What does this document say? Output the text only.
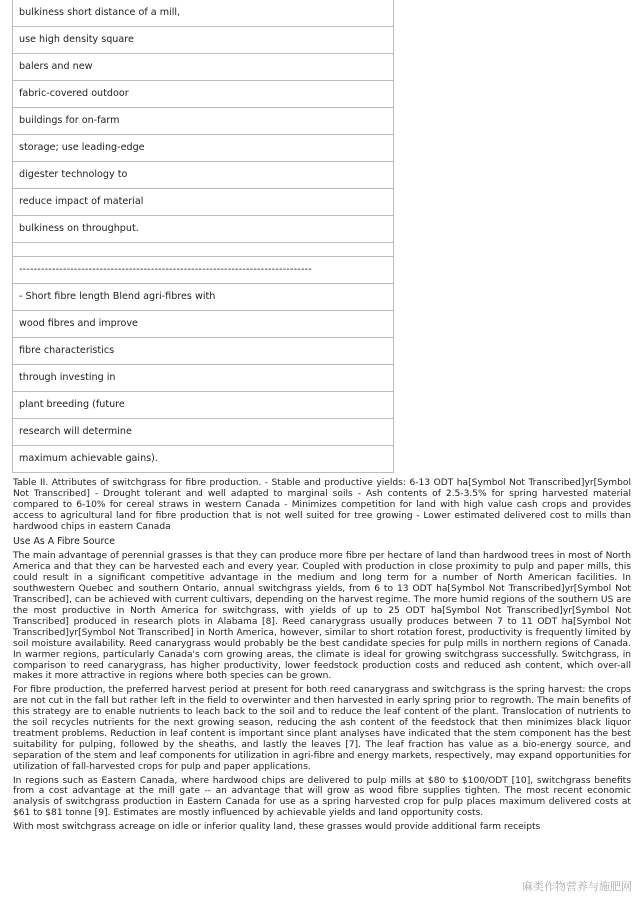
bulkiness short distance of a mill,
use high density square
balers and new
fabric-covered outdoor
buildings for on-farm
storage; use leading-edge
digester technology to
reduce impact of material
bulkiness on throughput.
--------------------------------------------------------------------------------
- Short fibre length Blend agri-fibres with
wood fibres and improve
fibre characteristics
through investing in
plant breeding (future
research will determine
maximum achievable gains).

Table II. Attributes of switchgrass for fibre production. - Stable and productive yields: 6-13 ODT ha[Symbol Not Transcribed]yr[Symbol Not Transcribed] - Drought tolerant and well adapted to marginal soils - Ash contents of 2.5-3.5% for spring harvested material compared to 6-10% for cereal straws in western Canada - Minimizes competition for land with high value cash crops and provides access to agricultural land for fibre production that is not well suited for tree growing - Lower estimated delivered cost to mills than hardwood chips in eastern Canada

Use As A Fibre Source

The main advantage of perennial grasses is that they can produce more fibre per hectare of land than hardwood trees in most of North America and that they can be harvested each and every year. Coupled with production in close proximity to pulp and paper mills, this could result in a significant competitive advantage in the medium and long term for a number of North American facilities. In southwestern Quebec and southern Ontario, annual switchgrass yields, from 6 to 13 ODT ha[Symbol Not Transcribed]yr[Symbol Not Transcribed], can be achieved with current cultivars, depending on the harvest regime. The more humid regions of the southern US are the most productive in North America for switchgrass, with yields of up to 25 ODT ha[Symbol Not Transcribed]yr[Symbol Not Transcribed] produced in research plots in Alabama [8]. Reed canarygrass usually produces between 7 to 11 ODT ha[Symbol Not Transcribed]yr[Symbol Not Transcribed] in North America, however, similar to short rotation forest, productivity is frequently limited by soil moisture availability. Reed canarygrass would probably be the best candidate species for pulp mills in northern regions of Canada. In warmer regions, particularly Canada's corn growing areas, the climate is ideal for growing switchgrass successfully. Switchgrass, in comparison to reed canarygrass, has higher productivity, lower feedstock production costs and reduced ash content, which over-all makes it more attractive in regions where both species can be grown.

For fibre production, the preferred harvest period at present for both reed canarygrass and switchgrass is the spring harvest: the crops are not cut in the fall but rather left in the field to overwinter and then harvested in early spring prior to regrowth. The main benefits of this strategy are to enable nutrients to leach back to the soil and to reduce the leaf content of the plant. Translocation of nutrients to the soil recycles nutrients for the next growing season, reducing the ash content of the feedstock that then minimizes black liquor treatment problems. Reduction in leaf content is important since plant analyses have indicated that the stem component has the best suitability for pulping, followed by the sheaths, and lastly the leaves [7]. The leaf fraction has value as a bio-energy source, and separation of the stem and leaf components for utilization in agri-fibre and energy markets, respectively, may expand opportunities for utilization of fall-harvested crops for pulp and paper applications.

In regions such as Eastern Canada, where hardwood chips are delivered to pulp mills at $80 to $100/ODT [10], switchgrass benefits from a cost advantage at the mill gate -- an advantage that will grow as wood fibre supplies tighten. The most recent economic analysis of switchgrass production in Eastern Canada for use as a spring harvested crop for pulp places maximum delivered costs at $61 to $81 tonne [9]. Estimates are mostly influenced by achievable yields and land opportunity costs.

With most switchgrass acreage on idle or inferior quality land, these grasses would provide additional farm receipts

麻类作物营养与施肥网
